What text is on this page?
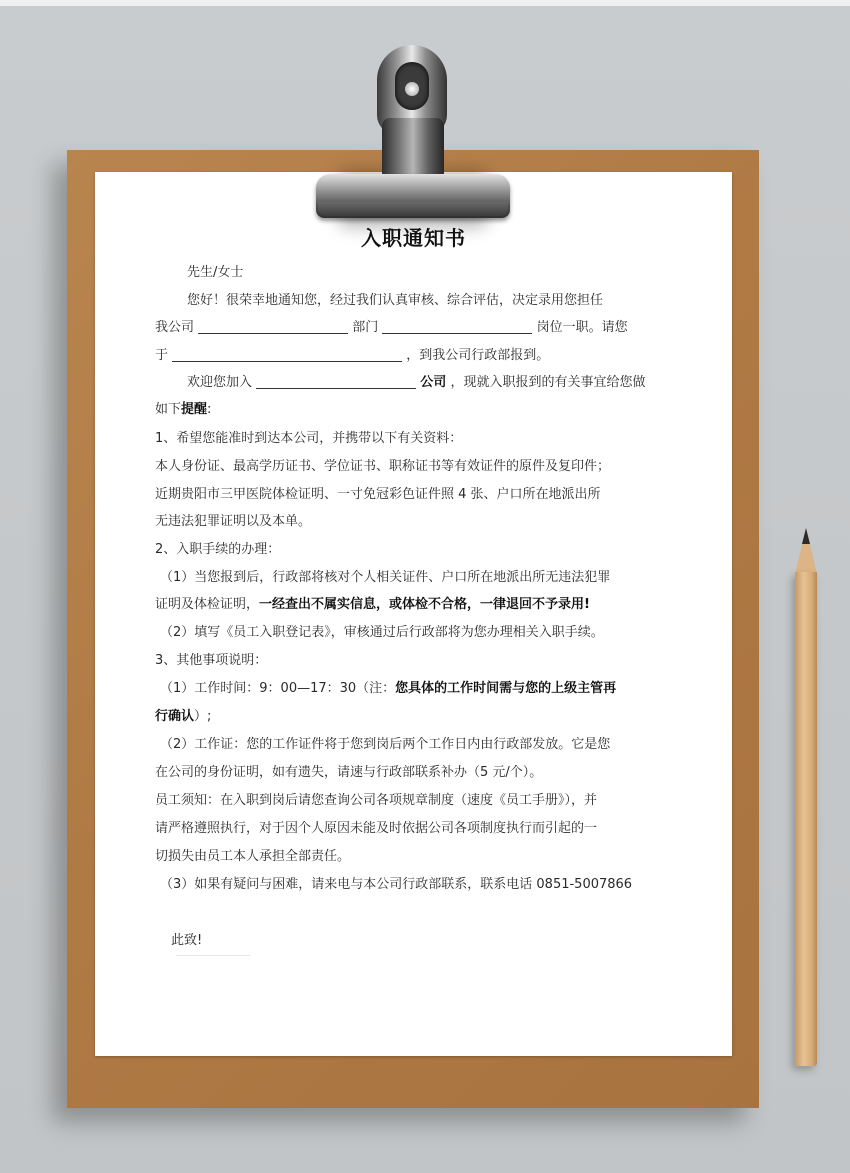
入职通知书
先生/女士
您好！很荣幸地通知您，经过我们认真审核、综合评估，决定录用您担任
我公司	部门	岗位一职。请您
于	，到我公司行政部报到。
欢迎您加入	公司 ，现就入职报到的有关事宜给您做
如下提醒:
1、希望您能准时到达本公司，并携带以下有关资料：
本人身份证、最高学历证书、学位证书、职称证书等有效证件的原件及复印件；
近期贵阳市三甲医院体检证明、一寸免冠彩色证件照 4 张、户口所在地派出所
无违法犯罪证明以及本单。
2、入职手续的办理：
（1）当您报到后，行政部将核对个人相关证件、户口所在地派出所无违法犯罪
证明及体检证明，一经查出不属实信息，或体检不合格，一律退回不予录用!
（2）填写《员工入职登记表》，审核通过后行政部将为您办理相关入职手续。
3、其他事项说明：
（1）工作时间：9：00—17：30（注：您具体的工作时间需与您的上级主管再
行确认）;
（2）工作证：您的工作证件将于您到岗后两个工作日内由行政部发放。它是您
在公司的身份证明，如有遗失，请速与行政部联系补办（5 元/个）。
员工须知：在入职到岗后请您查询公司各项规章制度（速度《员工手册》），并
请严格遵照执行，对于因个人原因未能及时依据公司各项制度执行而引起的一
切损失由员工本人承担全部责任。
（3）如果有疑问与困难，请来电与本公司行政部联系，联系电话 0851-5007866
此致!
